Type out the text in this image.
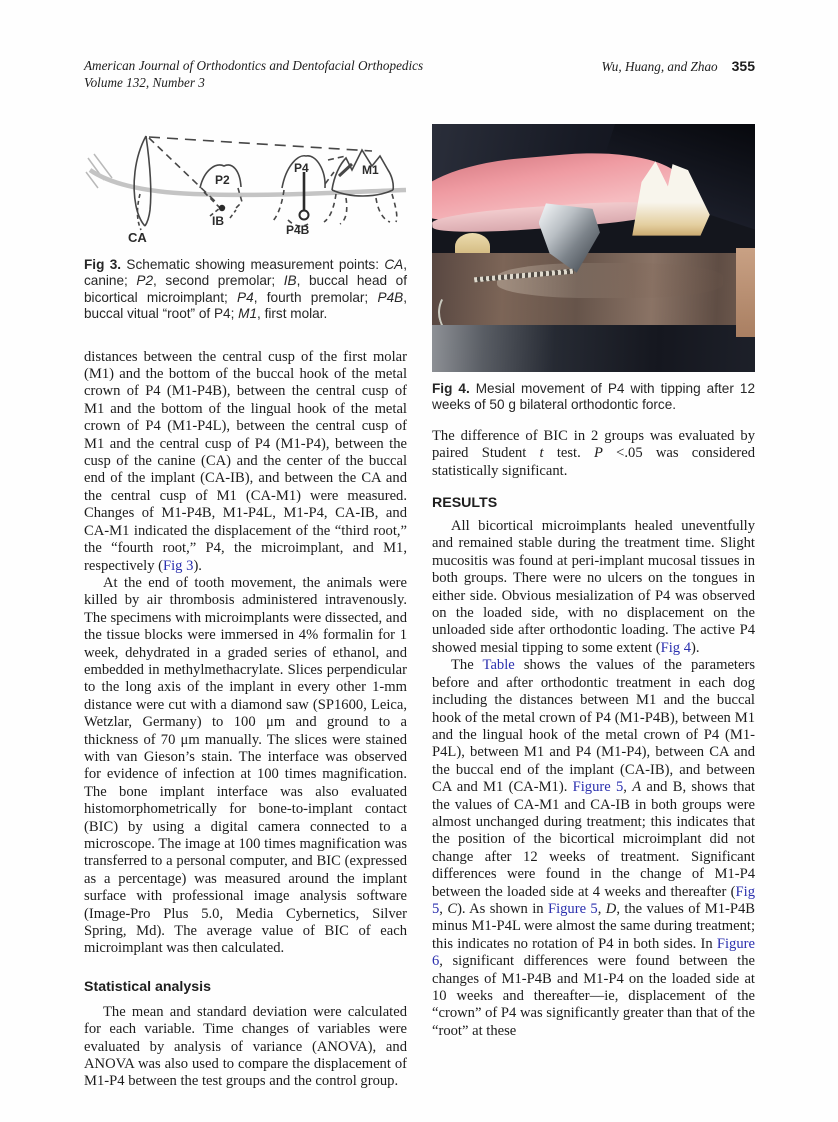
American Journal of Orthodontics and Dentofacial Orthopedics
Volume 132, Number 3
Wu, Huang, and Zhao 355
CA
P2
IB
P4
P4B
M1

Fig 3. Schematic showing measurement points: CA, canine; P2, second premolar; IB, buccal head of bicortical microimplant; P4, fourth premolar; P4B, buccal vitual “root” of P4; M1, first molar.

distances between the central cusp of the first molar (M1) and the bottom of the buccal hook of the metal crown of P4 (M1-P4B), between the central cusp of M1 and the bottom of the lingual hook of the metal crown of P4 (M1-P4L), between the central cusp of M1 and the central cusp of P4 (M1-P4), between the cusp of the canine (CA) and the center of the buccal end of the implant (CA-IB), and between the CA and the central cusp of M1 (CA-M1) were measured. Changes of M1-P4B, M1-P4L, M1-P4, CA-IB, and CA-M1 indicated the displacement of the “third root,” the “fourth root,” P4, the microimplant, and M1, respectively (Fig 3).

At the end of tooth movement, the animals were killed by air thrombosis administered intravenously. The specimens with microimplants were dissected, and the tissue blocks were immersed in 4% formalin for 1 week, dehydrated in a graded series of ethanol, and embedded in methylmethacrylate. Slices perpendicular to the long axis of the implant in every other 1-mm distance were cut with a diamond saw (SP1600, Leica, Wetzlar, Germany) to 100 μm and ground to a thickness of 70 μm manually. The slices were stained with van Gieson’s stain. The interface was observed for evidence of infection at 100 times magnification. The bone implant interface was also evaluated histomorphometrically for bone-to-implant contact (BIC) by using a digital camera connected to a microscope. The image at 100 times magnification was transferred to a personal computer, and BIC (expressed as a percentage) was measured around the implant surface with professional image analysis software (Image-Pro Plus 5.0, Media Cybernetics, Silver Spring, Md). The average value of BIC of each microimplant was then calculated.

Statistical analysis

The mean and standard deviation were calculated for each variable. Time changes of variables were evaluated by analysis of variance (ANOVA), and ANOVA was also used to compare the displacement of M1-P4 between the test groups and the control group.

Fig 4. Mesial movement of P4 with tipping after 12 weeks of 50 g bilateral orthodontic force.

The difference of BIC in 2 groups was evaluated by paired Student t test. P <.05 was considered statistically significant.

RESULTS

All bicortical microimplants healed uneventfully and remained stable during the treatment time. Slight mucositis was found at peri-implant mucosal tissues in both groups. There were no ulcers on the tongues in either side. Obvious mesialization of P4 was observed on the loaded side, with no displacement on the unloaded side after orthodontic loading. The active P4 showed mesial tipping to some extent (Fig 4).

The Table shows the values of the parameters before and after orthodontic treatment in each dog including the distances between M1 and the buccal hook of the metal crown of P4 (M1-P4B), between M1 and the lingual hook of the metal crown of P4 (M1-P4L), between M1 and P4 (M1-P4), between CA and the buccal end of the implant (CA-IB), and between CA and M1 (CA-M1). Figure 5, A and B, shows that the values of CA-M1 and CA-IB in both groups were almost unchanged during treatment; this indicates that the position of the bicortical microimplant did not change after 12 weeks of treatment. Significant differences were found in the change of M1-P4 between the loaded side at 4 weeks and thereafter (Fig 5, C). As shown in Figure 5, D, the values of M1-P4B minus M1-P4L were almost the same during treatment; this indicates no rotation of P4 in both sides. In Figure 6, significant differences were found between the changes of M1-P4B and M1-P4 on the loaded side at 10 weeks and thereafter—ie, displacement of the “crown” of P4 was significantly greater than that of the “root” at these
